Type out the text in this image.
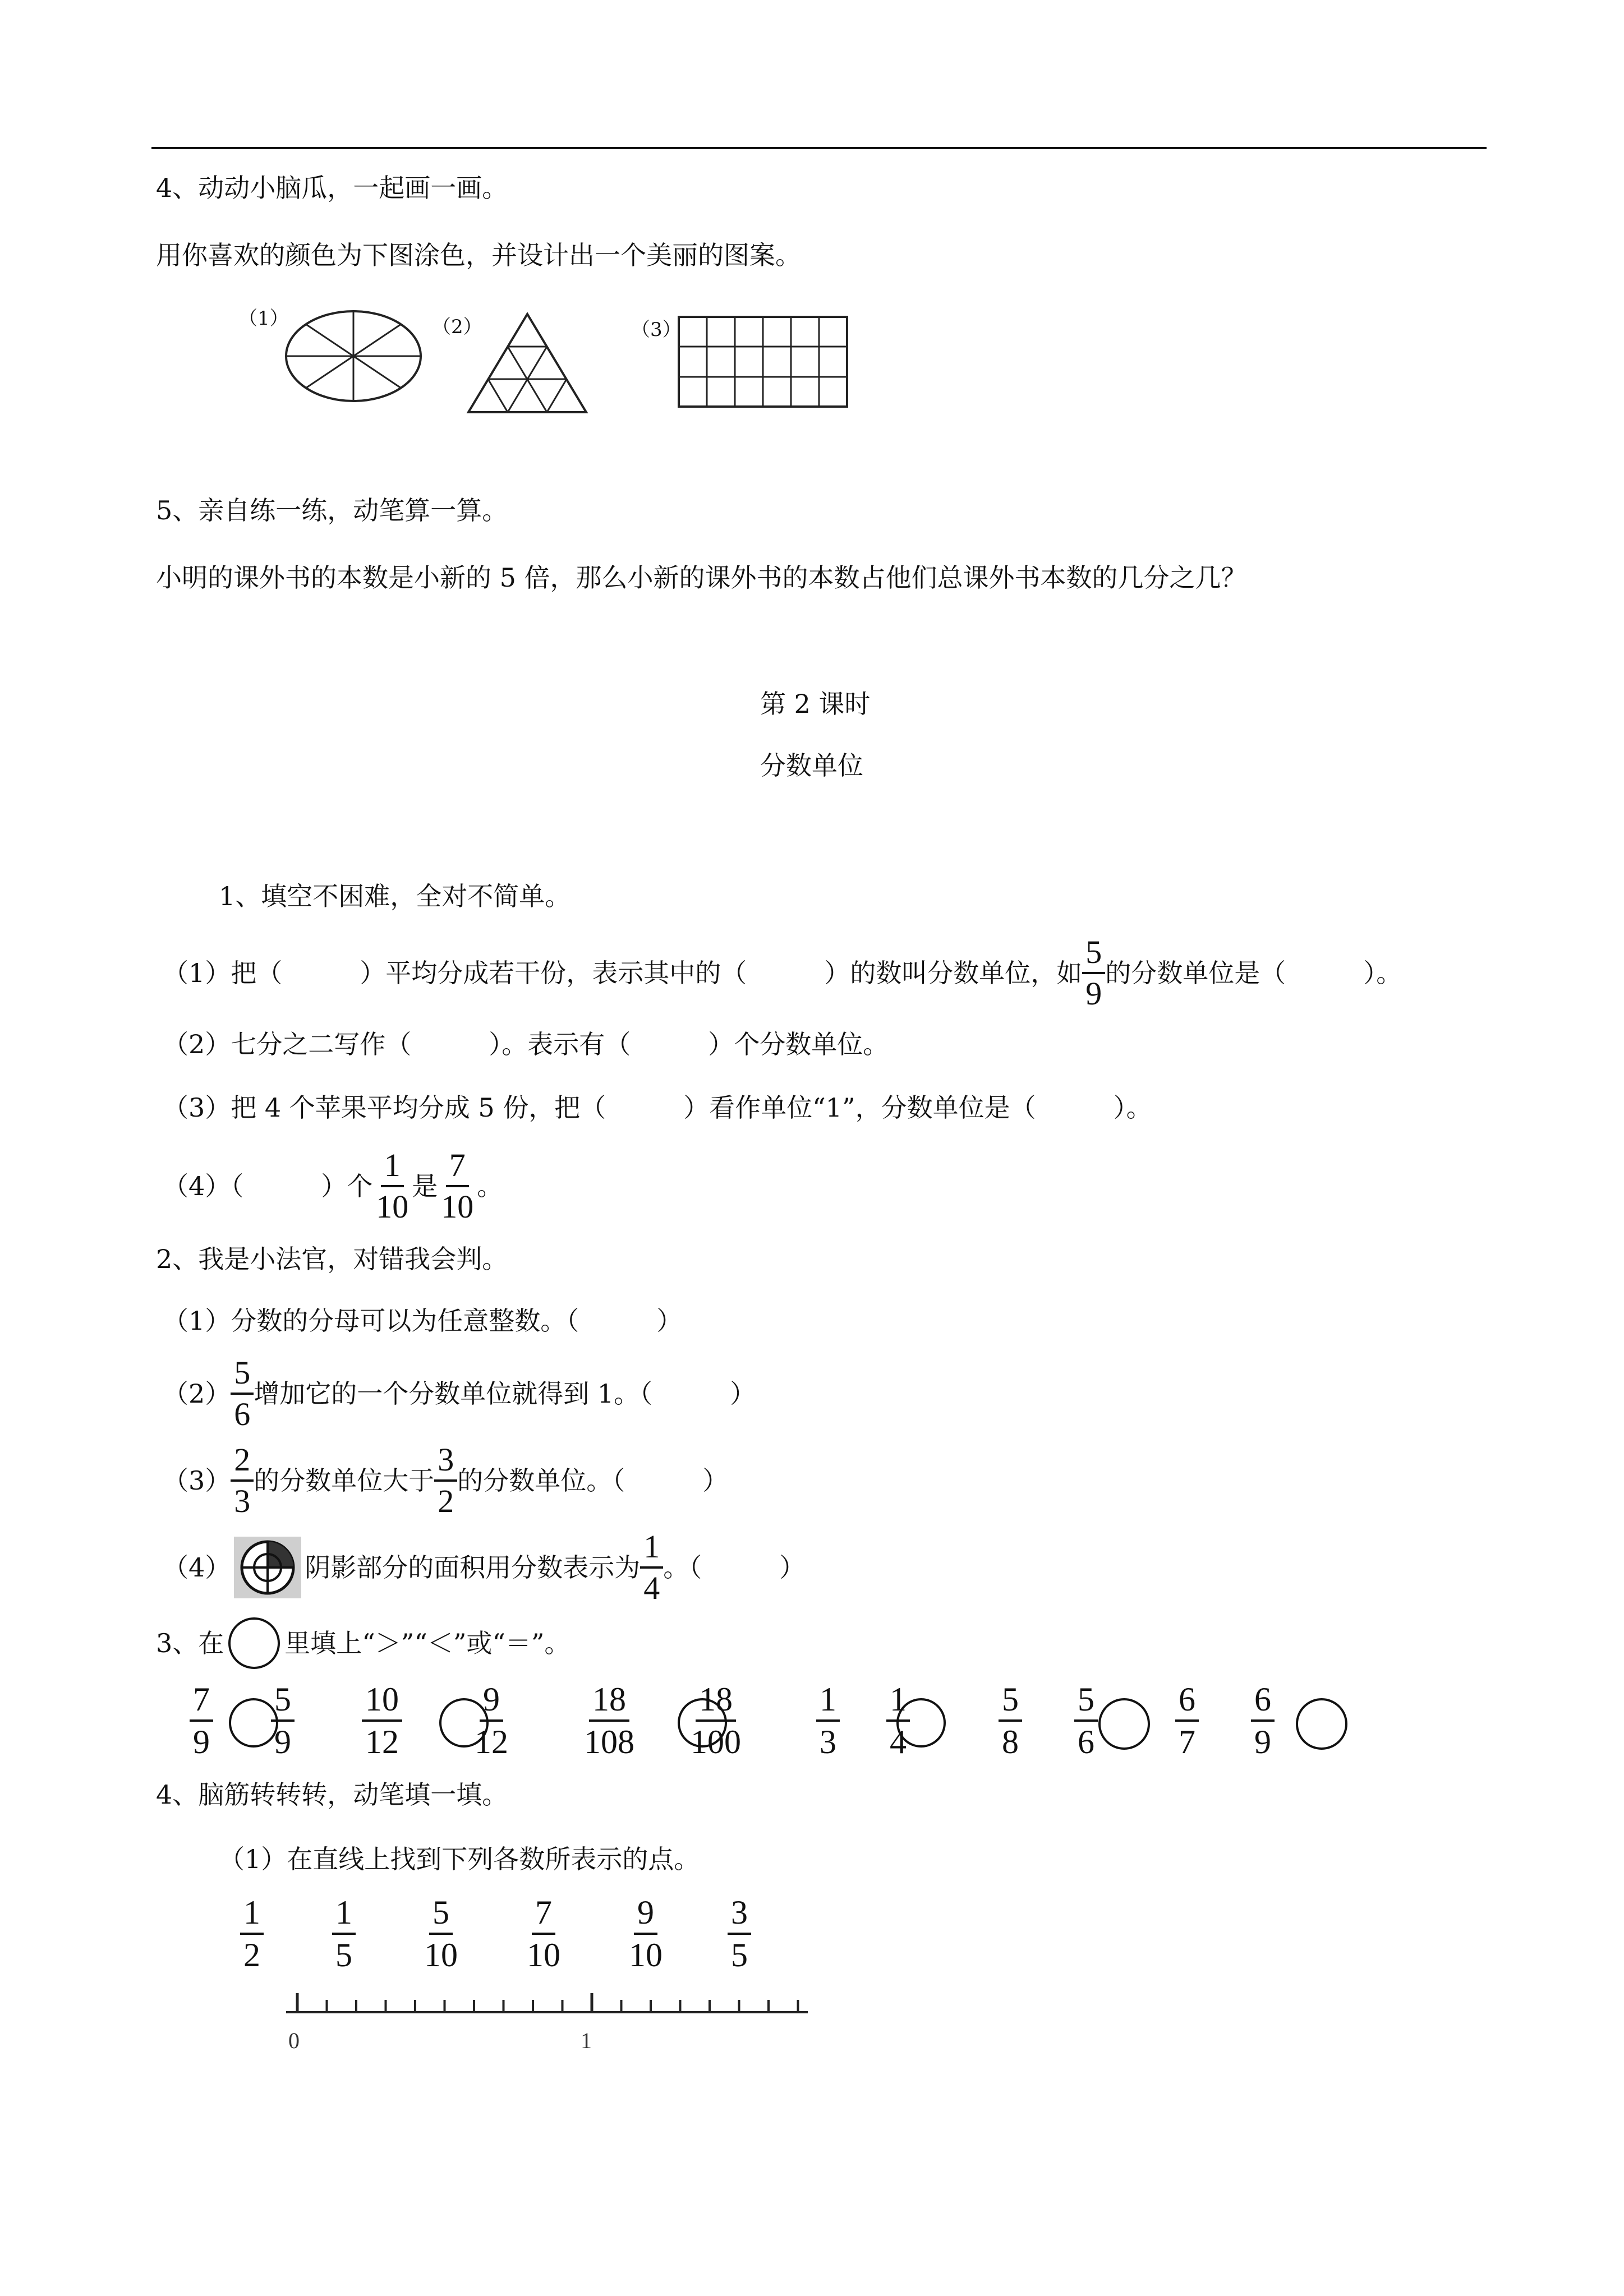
4、动动小脑瓜，一起画一画。
用你喜欢的颜色为下图涂色，并设计出一个美丽的图案。
（1）	（2）	（3）
5、亲自练一练，动笔算一算。
小明的课外书的本数是小新的 5 倍，那么小新的课外书的本数占他们总课外书本数的几分之几？
第 2 课时
分数单位
1、填空不困难，全对不简单。
（1）把（　　　）平均分成若干份，表示其中的（　　　）的数叫分数单位，如 $\frac{5}{9}$ 的分数单位是（　　　）。
（2）七分之二写作（　　　）。表示有（　　　）个分数单位。
（3）把 4 个苹果平均分成 5 份，把（　　　）看作单位“1”，分数单位是（　　　）。
（4）（　　　）个 $\frac{1}{10}$ 是 $\frac{7}{10}$ 。
2、我是小法官，对错我会判。
（1）分数的分母可以为任意整数。（　　　）
$(2) \frac{5}{6}$ 增加它的一个分数单位就得到 1。（　　　）
$(3) \frac{2}{3}$ 的分数单位大于 $\frac{3}{2}$ 的分数单位。（　　　）
（4）	阴影部分的面积用分数表示为 $\frac{1}{4}$ 。（　　　）
3、在 里填上“＞”“＜”或“＝”。
$\frac{7}{9} \frac{5}{9} \frac{10}{12} \frac{9}{12} \frac{18}{108} \frac{18}{100} \frac{1}{3} \frac{1}{4}$	$\frac{5}{8} \frac{5}{6} \frac{6}{7} \frac{6}{9}$
4、脑筋转转转，动笔填一填。
（1）在直线上找到下列各数所表示的点。
$\frac{1}{2} \frac{1}{5} \frac{5}{10} \frac{7}{10} \frac{9}{10} \frac{3}{5}$
0	1
